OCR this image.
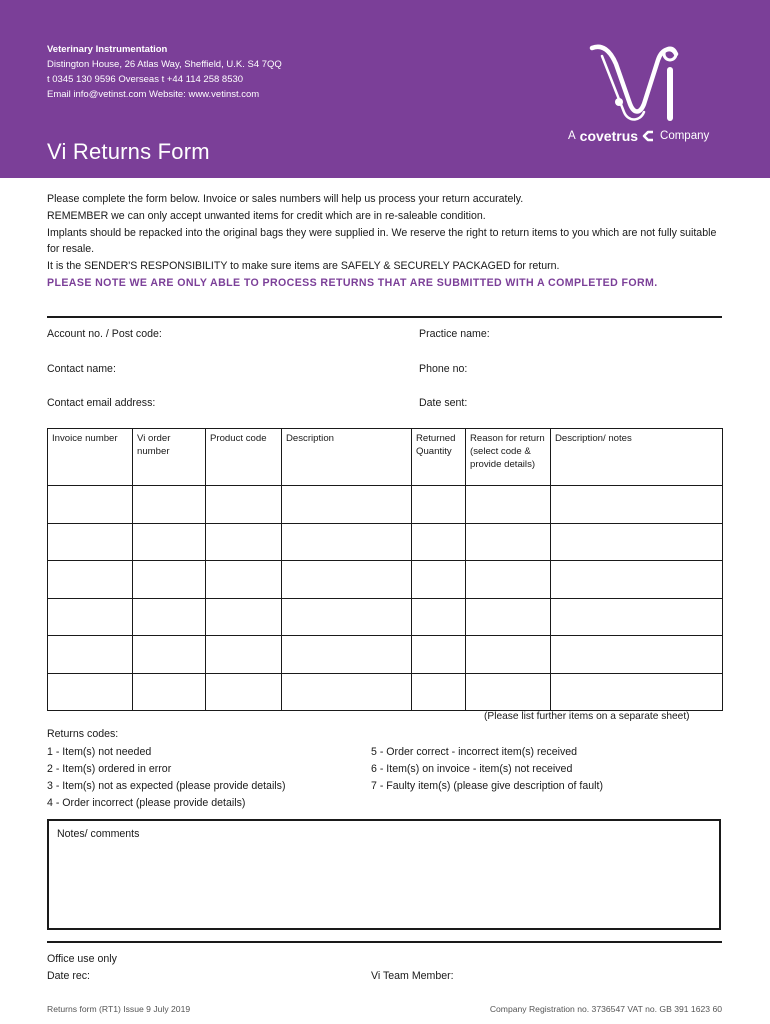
Veterinary Instrumentation
Distington House, 26 Atlas Way, Sheffield, U.K. S4 7QQ
t 0345 130 9596 Overseas t +44 114 258 8530
Email info@vetinst.com Website: www.vetinst.com
A covetrus Company
Vi Returns Form
Please complete the form below. Invoice or sales numbers will help us process your return accurately.
REMEMBER we can only accept unwanted items for credit which are in re-saleable condition.
Implants should be repacked into the original bags they were supplied in. We reserve the right to return items to you which are not fully suitable for resale.
It is the SENDER'S RESPONSIBILITY to make sure items are SAFELY & SECURELY PACKAGED for return.
PLEASE NOTE WE ARE ONLY ABLE TO PROCESS RETURNS THAT ARE SUBMITTED WITH A COMPLETED FORM.
Account no. / Post code:	Practice name:
Contact name:	Phone no:
Contact email address:	Date sent:
Invoice number	Vi order number	Product code	Description	Returned Quantity	Reason for return (select code & provide details)	Description/ notes

(Please list further items on a separate sheet)
Returns codes:
1 - Item(s) not needed
2 - Item(s) ordered in error
3 - Item(s) not as expected (please provide details)
4 - Order incorrect (please provide details)
5 - Order correct - incorrect item(s) received
6 - Item(s) on invoice - item(s) not received
7 - Faulty item(s) (please give description of fault)
Notes/ comments
Office use only
Date rec:	Vi Team Member:
Returns form (RT1) Issue 9 July 2019	Company Registration no. 3736547 VAT no. GB 391 1623 60
